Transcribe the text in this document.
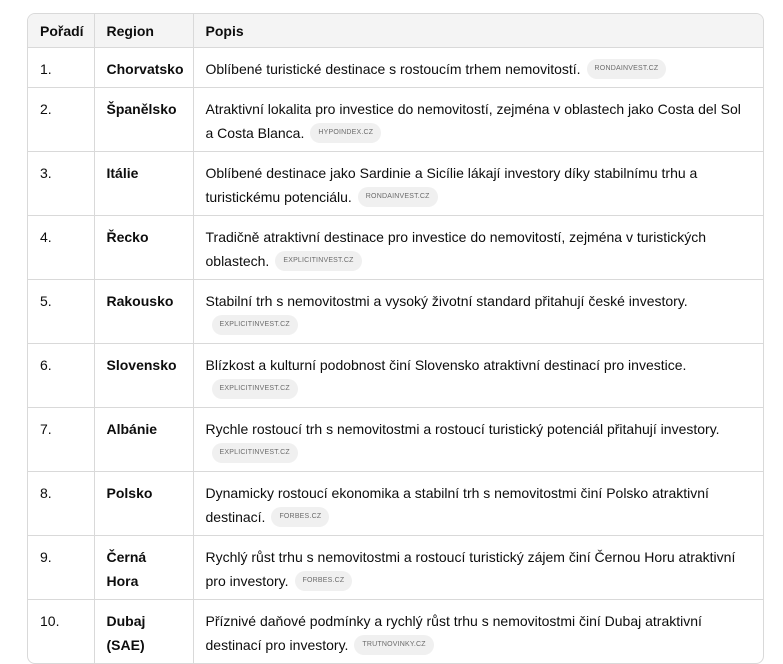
Pořadí	Region	Popis
1.	Chorvatsko	Oblíbené turistické destinace s rostoucím trhem nemovitostí. RONDAINVEST.CZ
2.	Španělsko	Atraktivní lokalita pro investice do nemovitostí, zejména v oblastech jako Costa del Sol a Costa Blanca. HYPOINDEX.CZ
3.	Itálie	Oblíbené destinace jako Sardinie a Sicílie lákají investory díky stabilnímu trhu a turistickému potenciálu. RONDAINVEST.CZ
4.	Řecko	Tradičně atraktivní destinace pro investice do nemovitostí, zejména v turistických oblastech. EXPLICITINVEST.CZ
5.	Rakousko	Stabilní trh s nemovitostmi a vysoký životní standard přitahují české investory.EXPLICITINVEST.CZ
6.	Slovensko	Blízkost a kulturní podobnost činí Slovensko atraktivní destinací pro investice.EXPLICITINVEST.CZ
7.	Albánie	Rychle rostoucí trh s nemovitostmi a rostoucí turistický potenciál přitahují investory.EXPLICITINVEST.CZ
8.	Polsko	Dynamicky rostoucí ekonomika a stabilní trh s nemovitostmi činí Polsko atraktivní destinací. FORBES.CZ
9.	Černá Hora	Rychlý růst trhu s nemovitostmi a rostoucí turistický zájem činí Černou Horu atraktivní pro investory. FORBES.CZ
10.	Dubaj (SAE)	Příznivé daňové podmínky a rychlý růst trhu s nemovitostmi činí Dubaj atraktivní destinací pro investory. TRUTNOVINKY.CZ
